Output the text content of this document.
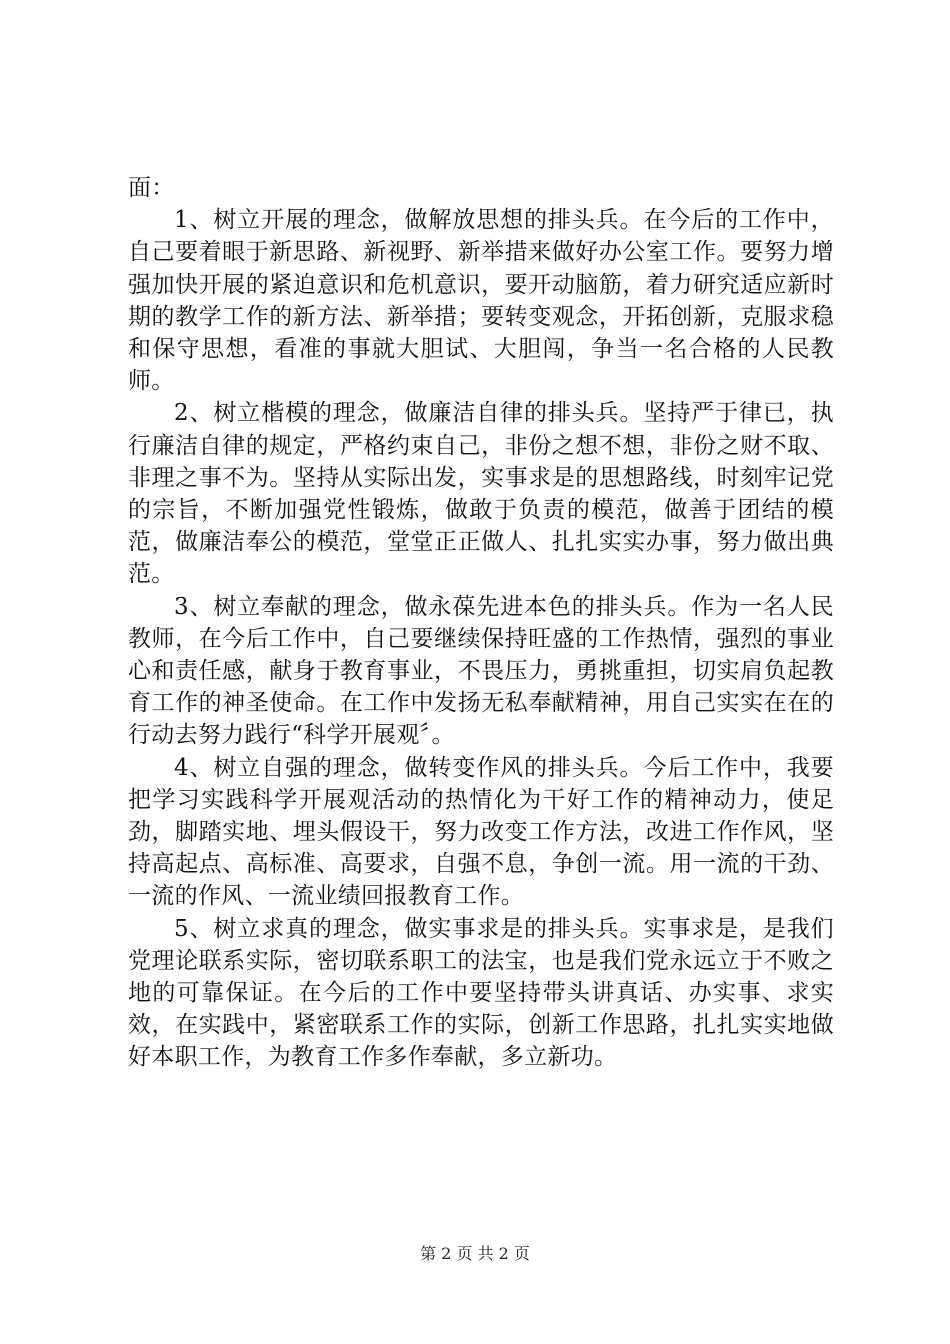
面：

1、树立开展的理念，做解放思想的排头兵。在今后的工作中，自己要着眼于新思路、新视野、新举措来做好办公室工作。要努力增强加快开展的紧迫意识和危机意识，要开动脑筋，着力研究适应新时期的教学工作的新方法、新举措；要转变观念，开拓创新，克服求稳和保守思想，看准的事就大胆试、大胆闯，争当一名合格的人民教师。

2、树立楷模的理念，做廉洁自律的排头兵。坚持严于律已，执行廉洁自律的规定，严格约束自己，非份之想不想，非份之财不取、非理之事不为。坚持从实际出发，实事求是的思想路线，时刻牢记党的宗旨，不断加强党性锻炼，做敢于负责的模范，做善于团结的模范，做廉洁奉公的模范，堂堂正正做人、扎扎实实办事，努力做出典范。

3、树立奉献的理念，做永葆先进本色的排头兵。作为一名人民教师，在今后工作中，自己要继续保持旺盛的工作热情，强烈的事业心和责任感，献身于教育事业，不畏压力，勇挑重担，切实肩负起教育工作的神圣使命。在工作中发扬无私奉献精神，用自己实实在在的行动去努力践行“科学开展观〞。

4、树立自强的理念，做转变作风的排头兵。今后工作中，我要把学习实践科学开展观活动的热情化为干好工作的精神动力，使足劲，脚踏实地、埋头假设干，努力改变工作方法，改进工作作风，坚持高起点、高标准、高要求，自强不息，争创一流。用一流的干劲、一流的作风、一流业绩回报教育工作。

5、树立求真的理念，做实事求是的排头兵。实事求是，是我们党理论联系实际，密切联系职工的法宝，也是我们党永远立于不败之地的可靠保证。在今后的工作中要坚持带头讲真话、办实事、求实效，在实践中，紧密联系工作的实际，创新工作思路，扎扎实实地做好本职工作，为教育工作多作奉献，多立新功。

第 2 页 共 2 页
